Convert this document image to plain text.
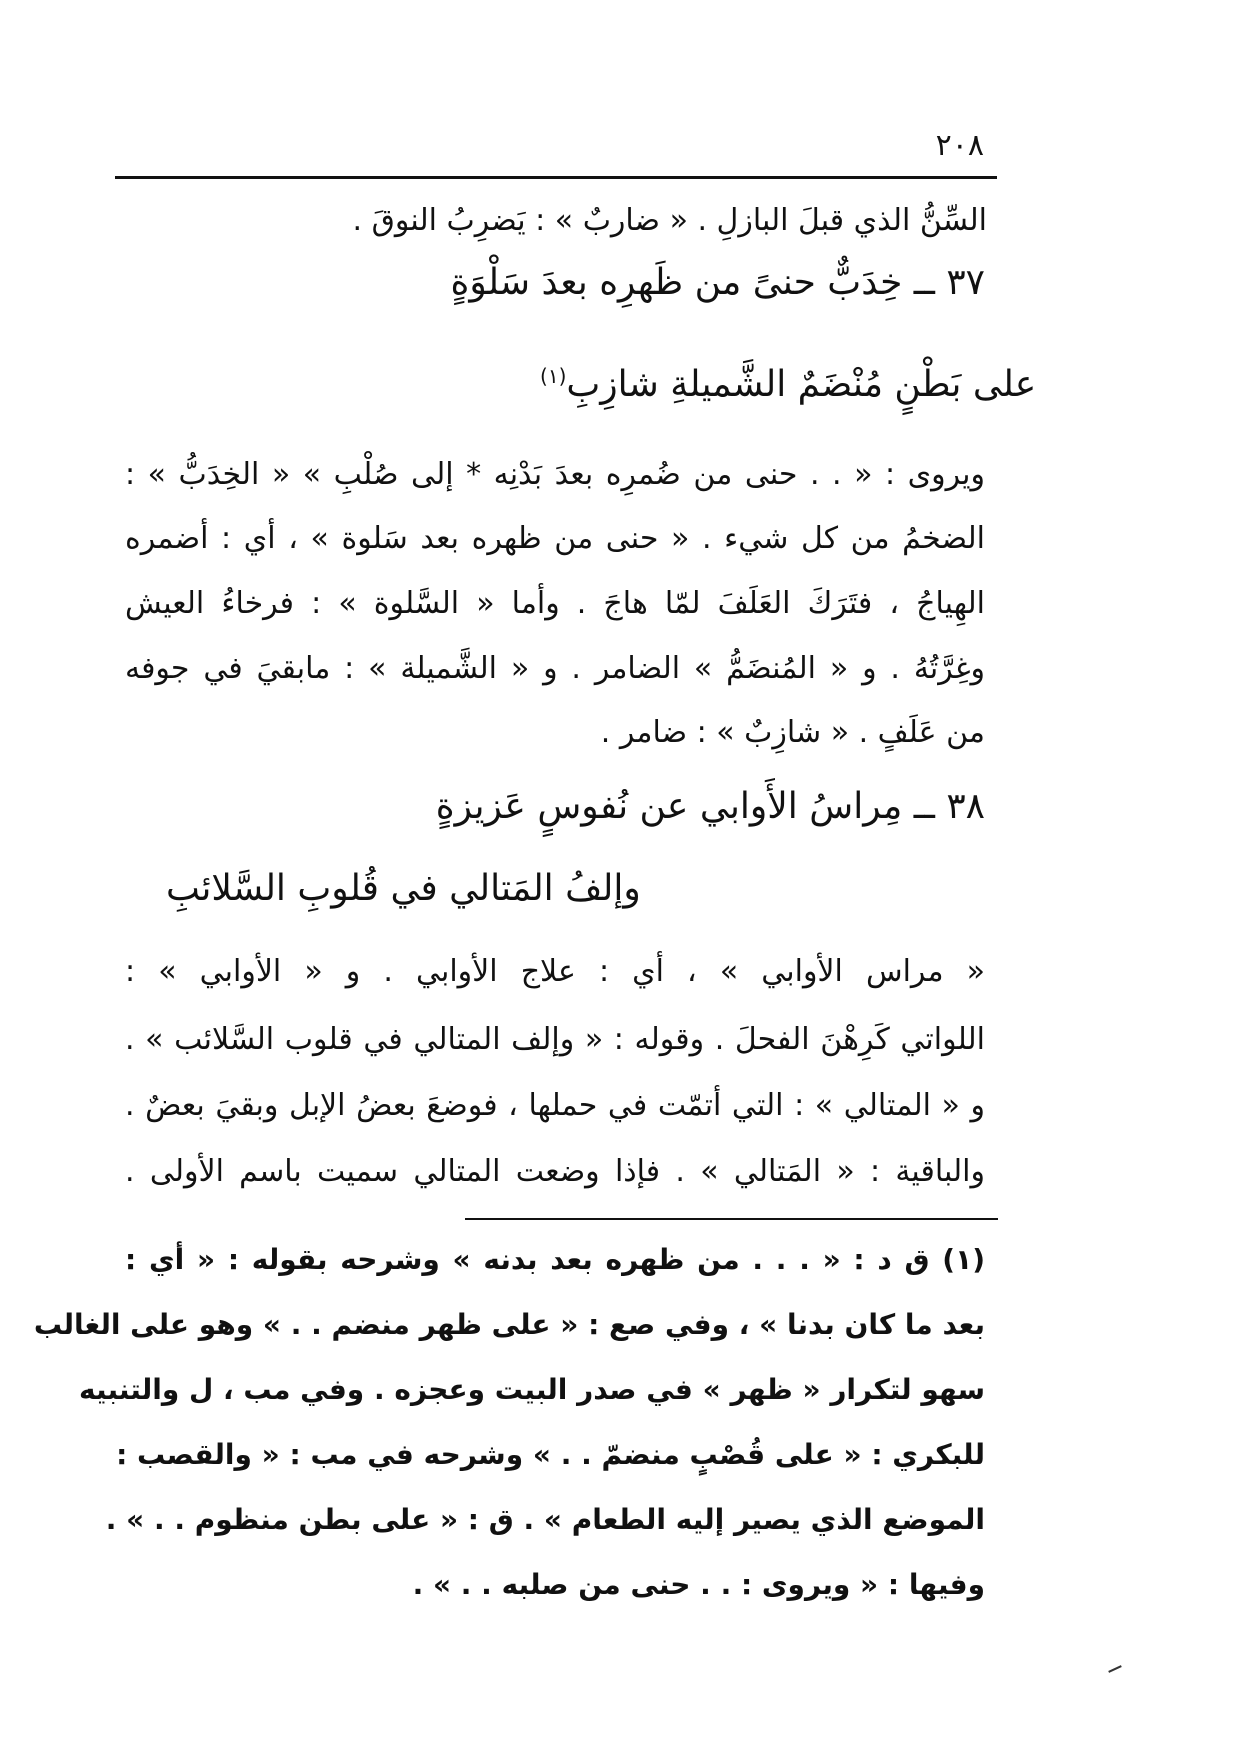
٢٠٨
السِّنُّ الذي قبلَ البازلِ . « ضاربٌ » : يَضرِبُ النوقَ .
٣٧ ــ خِدَبٌّ حنىً من ظَهرِه بعدَ سَلْوَةٍ
على بَطْنٍ مُنْضَمٌ الشَّميلةِ شازِبِ$^{(١)}$
ويروى : « . . حنى من ضُمرِه بعدَ بَدْنِه * إلى صُلْبِ » « الخِدَبُّ » :
الضخمُ من كل شيء . « حنى من ظهره بعد سَلوة » ، أي : أضمره
الهِياجُ ، فتَرَكَ العَلَفَ لمّا هاجَ . وأما « السَّلوة » : فرخاءُ العيش
وغِرَّتُهُ . و « المُنضَمُّ » الضامر . و « الشَّميلة » : مابقيَ في جوفه
من عَلَفٍ . « شازِبٌ » : ضامر .
٣٨ ــ مِراسُ الأَوابي عن نُفوسٍ عَزيزةٍ
وإلفُ المَتالي في قُلوبِ السَّلائبِ
« مراس الأوابي » ، أي : علاج الأوابي . و « الأوابي » :
اللواتي كَرِهْنَ الفحلَ . وقوله : « وإلف المتالي في قلوب السَّلائب » .
و « المتالي » : التي أتمّت في حملها ، فوضعَ بعضُ الإبل وبقيَ بعضٌ .
والباقية : « المَتالي » . فإذا وضعت المتالي سميت باسم الأولى .
(١) ق د : « . . . من ظهره بعد بدنه » وشرحه بقوله : « أي :
بعد ما كان بدنا » ، وفي صع : « على ظهر منضم . . » وهو على الغالب
سهو لتكرار « ظهر » في صدر البيت وعجزه . وفي مب ، ل والتنبيه
للبكري : « على قُصْبٍ منضمّ . . » وشرحه في مب : « والقصب :
الموضع الذي يصير إليه الطعام » . ق : « على بطن منظوم . . » .
وفيها : « ويروى : . . حنى من صلبه . . » .
